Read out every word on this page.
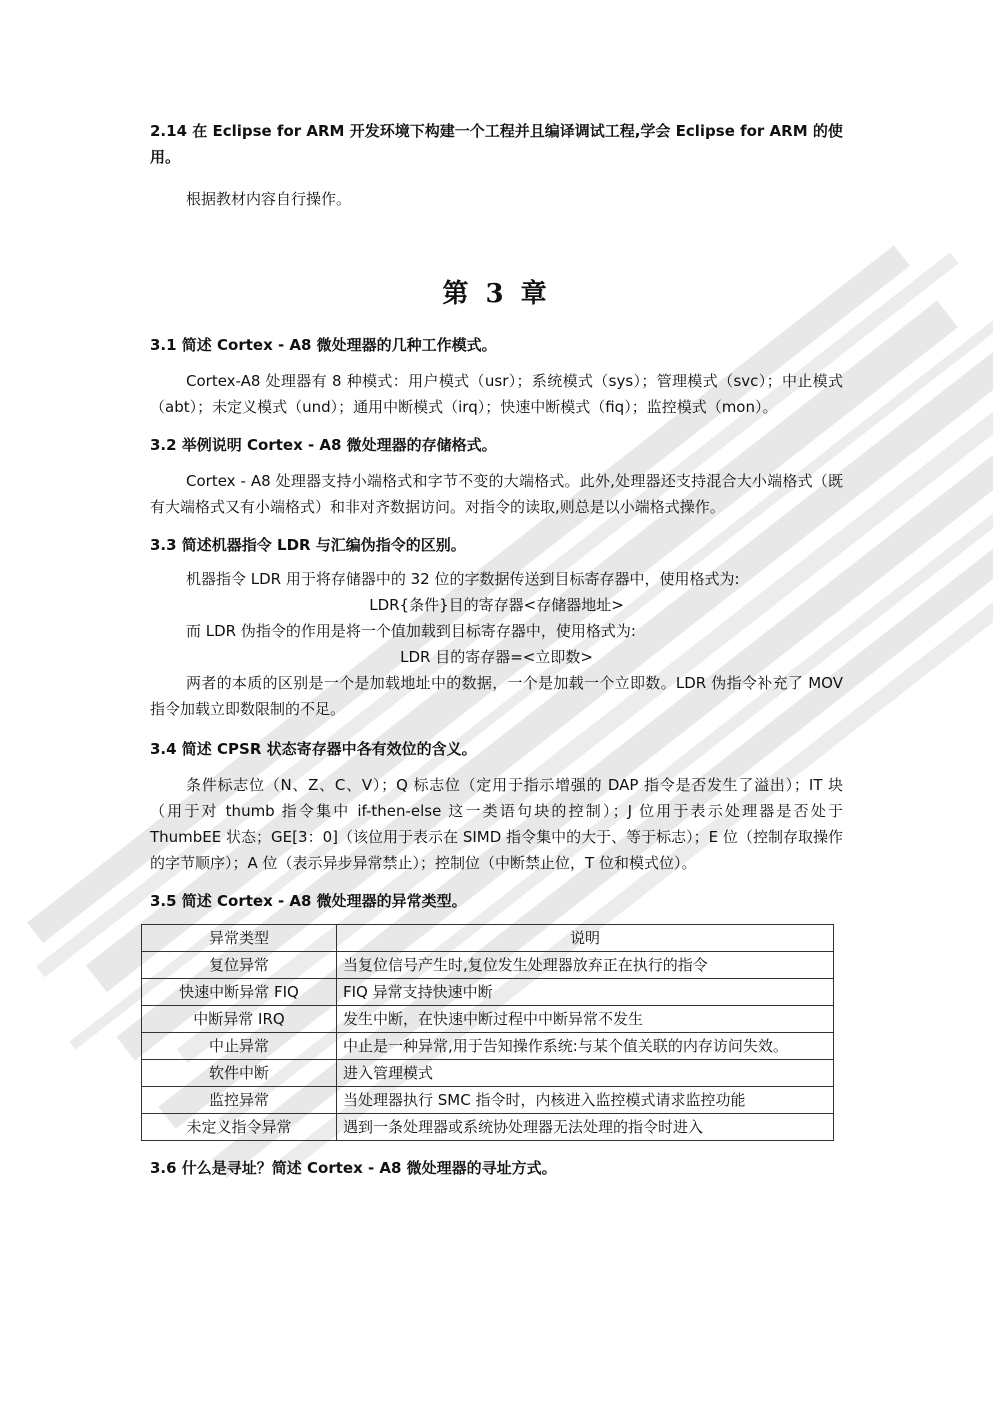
2.14 在 Eclipse for ARM 开发环境下构建一个工程并且编译调试工程,学会 Eclipse for ARM 的使用。

根据教材内容自行操作。

第 3 章

3.1 简述 Cortex - A8 微处理器的几种工作模式。

Cortex-A8 处理器有 8 种模式：用户模式（usr）；系统模式（sys）；管理模式（svc）；中止模式（abt）；未定义模式（und）；通用中断模式（irq）；快速中断模式（fiq）；监控模式（mon）。

3.2 举例说明 Cortex - A8 微处理器的存储格式。

Cortex - A8 处理器支持小端格式和字节不变的大端格式。此外,处理器还支持混合大小端格式（既有大端格式又有小端格式）和非对齐数据访问。对指令的读取,则总是以小端格式操作。

3.3 简述机器指令 LDR 与汇编伪指令的区别。

机器指令 LDR 用于将存储器中的 32 位的字数据传送到目标寄存器中，使用格式为:

LDR{条件}目的寄存器<存储器地址>

而 LDR 伪指令的作用是将一个值加载到目标寄存器中，使用格式为:

LDR 目的寄存器=<立即数>

两者的本质的区别是一个是加载地址中的数据，一个是加载一个立即数。LDR 伪指令补充了 MOV 指令加载立即数限制的不足。

3.4 简述 CPSR 状态寄存器中各有效位的含义。

条件标志位（N、Z、C、V）；Q 标志位（定用于指示增强的 DAP 指令是否发生了溢出）；IT 块（用于对 thumb 指令集中 if-then-else 这一类语句块的控制）；J 位用于表示处理器是否处于 ThumbEE 状态；GE[3：0]（该位用于表示在 SIMD 指令集中的大于、等于标志）；E 位（控制存取操作的字节顺序）；A 位（表示异步异常禁止）；控制位（中断禁止位，T 位和模式位）。

3.5 简述 Cortex - A8 微处理器的异常类型。

异常类型	说明
复位异常	当复位信号产生时,复位发生处理器放弃正在执行的指令
快速中断异常 FIQ	FIQ 异常支持快速中断
中断异常 IRQ	发生中断，在快速中断过程中中断异常不发生
中止异常	中止是一种异常,用于告知操作系统:与某个值关联的内存访问失效。
软件中断	进入管理模式
监控异常	当处理器执行 SMC 指令时，内核进入监控模式请求监控功能
未定义指令异常	遇到一条处理器或系统协处理器无法处理的指令时进入

3.6 什么是寻址？简述 Cortex - A8 微处理器的寻址方式。
